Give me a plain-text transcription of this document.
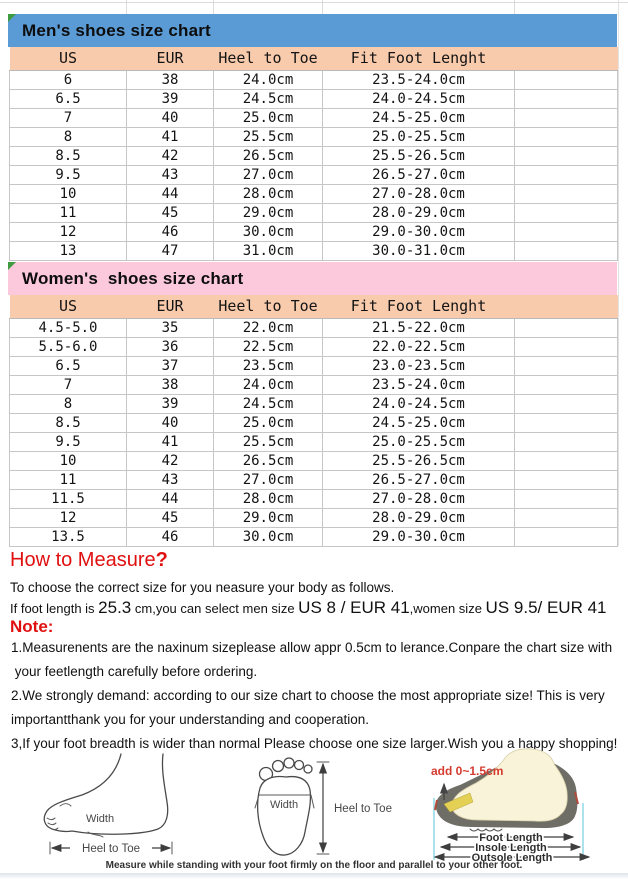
Men's shoes size chart
US	EUR	Heel to Toe	Fit Foot Lenght	
6	38	24.0cm	23.5-24.0cm	
6.5	39	24.5cm	24.0-24.5cm	
7	40	25.0cm	24.5-25.0cm	
8	41	25.5cm	25.0-25.5cm	
8.5	42	26.5cm	25.5-26.5cm	
9.5	43	27.0cm	26.5-27.0cm	
10	44	28.0cm	27.0-28.0cm	
11	45	29.0cm	28.0-29.0cm	
12	46	30.0cm	29.0-30.0cm	
13	47	31.0cm	30.0-31.0cm	
Women's  shoes size chart
US	EUR	Heel to Toe	Fit Foot Lenght	
4.5-5.0	35	22.0cm	21.5-22.0cm	
5.5-6.0	36	22.5cm	22.0-22.5cm	
6.5	37	23.5cm	23.0-23.5cm	
7	38	24.0cm	23.5-24.0cm	
8	39	24.5cm	24.0-24.5cm	
8.5	40	25.0cm	24.5-25.0cm	
9.5	41	25.5cm	25.0-25.5cm	
10	42	26.5cm	25.5-26.5cm	
11	43	27.0cm	26.5-27.0cm	
11.5	44	28.0cm	27.0-28.0cm	
12	45	29.0cm	28.0-29.0cm	
13.5	46	30.0cm	29.0-30.0cm	
How to Measure?
To choose the correct size for you neasure your body as follows.
If foot length is 25.3 cm,you can select men size US 8 / EUR 41,women size US 9.5/ EUR 41
Note:
1.Measurenents are the naxinum sizeplease allow appr 0.5cm to lerance.Conpare the chart size with
your feetlength carefully before ordering.
2.We strongly demand: according to our size chart to choose the most appropriate size! This is very
importantthank you for your understanding and cooperation.
3,If your foot breadth is wider than normal Please choose one size larger.Wish you a happy shopping!
Width
Heel to Toe
Width	Heel to Toe
add 0~1.5cm
Foot Length
Insole Length
Outsole Length
Measure while standing with your foot firmly on the floor and parallel to your other foot.
